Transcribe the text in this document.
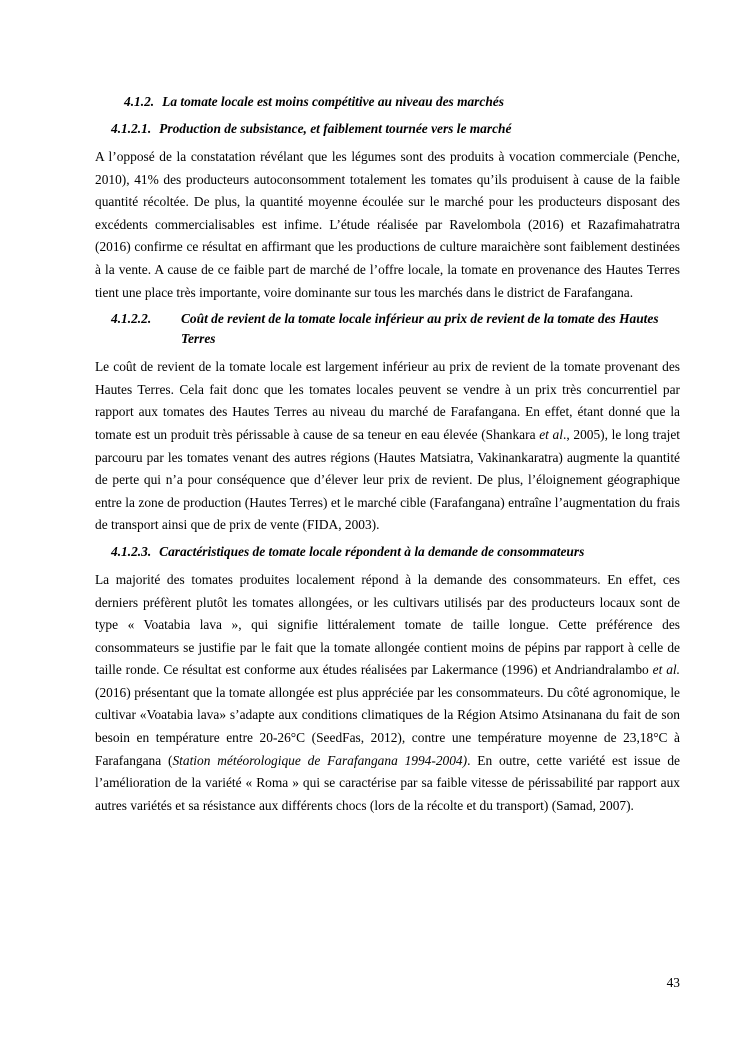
4.1.2. La tomate locale est moins compétitive au niveau des marchés
4.1.2.1. Production de subsistance, et faiblement tournée vers le marché

A l’opposé de la constatation révélant que les légumes sont des produits à vocation commerciale (Penche, 2010), 41% des producteurs autoconsomment totalement les tomates qu’ils produisent à cause de la faible quantité récoltée. De plus, la quantité moyenne écoulée sur le marché pour les producteurs disposant des excédents commercialisables est infime. L’étude réalisée par Ravelombola (2016) et Razafimahatratra (2016) confirme ce résultat en affirmant que les productions de culture maraichère sont faiblement destinées à la vente. A cause de ce faible part de marché de l’offre locale, la tomate en provenance des Hautes Terres tient une place très importante, voire dominante sur tous les marchés dans le district de Farafangana.

4.1.2.2.	Coût de revient de la tomate locale inférieur au prix de revient de la tomate des Hautes Terres

Le coût de revient de la tomate locale est largement inférieur au prix de revient de la tomate provenant des Hautes Terres. Cela fait donc que les tomates locales peuvent se vendre à un prix très concurrentiel par rapport aux tomates des Hautes Terres au niveau du marché de Farafangana. En effet, étant donné que la tomate est un produit très périssable à cause de sa teneur en eau élevée (Shankara et al., 2005), le long trajet parcouru par les tomates venant des autres régions (Hautes Matsiatra, Vakinankaratra) augmente la quantité de perte qui n’a pour conséquence que d’élever leur prix de revient. De plus, l’éloignement géographique entre la zone de production (Hautes Terres) et le marché cible (Farafangana) entraîne l’augmentation du frais de transport ainsi que de prix de vente (FIDA, 2003).

4.1.2.3. Caractéristiques de tomate locale répondent à la demande de consommateurs

La majorité des tomates produites localement répond à la demande des consommateurs. En effet, ces derniers préfèrent plutôt les tomates allongées, or les cultivars utilisés par des producteurs locaux sont de type « Voatabia lava », qui signifie littéralement tomate de taille longue. Cette préférence des consommateurs se justifie par le fait que la tomate allongée contient moins de pépins par rapport à celle de taille ronde. Ce résultat est conforme aux études réalisées par Lakermance (1996) et Andriandralambo et al. (2016) présentant que la tomate allongée est plus appréciée par les consommateurs. Du côté agronomique, le cultivar «Voatabia lava» s’adapte aux conditions climatiques de la Région Atsimo Atsinanana du fait de son besoin en température entre 20-26°C (SeedFas, 2012), contre une température moyenne de 23,18°C à Farafangana (Station météorologique de Farafangana 1994-2004). En outre, cette variété est issue de l’amélioration de la variété « Roma » qui se caractérise par sa faible vitesse de périssabilité par rapport aux autres variétés et sa résistance aux différents chocs (lors de la récolte et du transport) (Samad, 2007).

43
